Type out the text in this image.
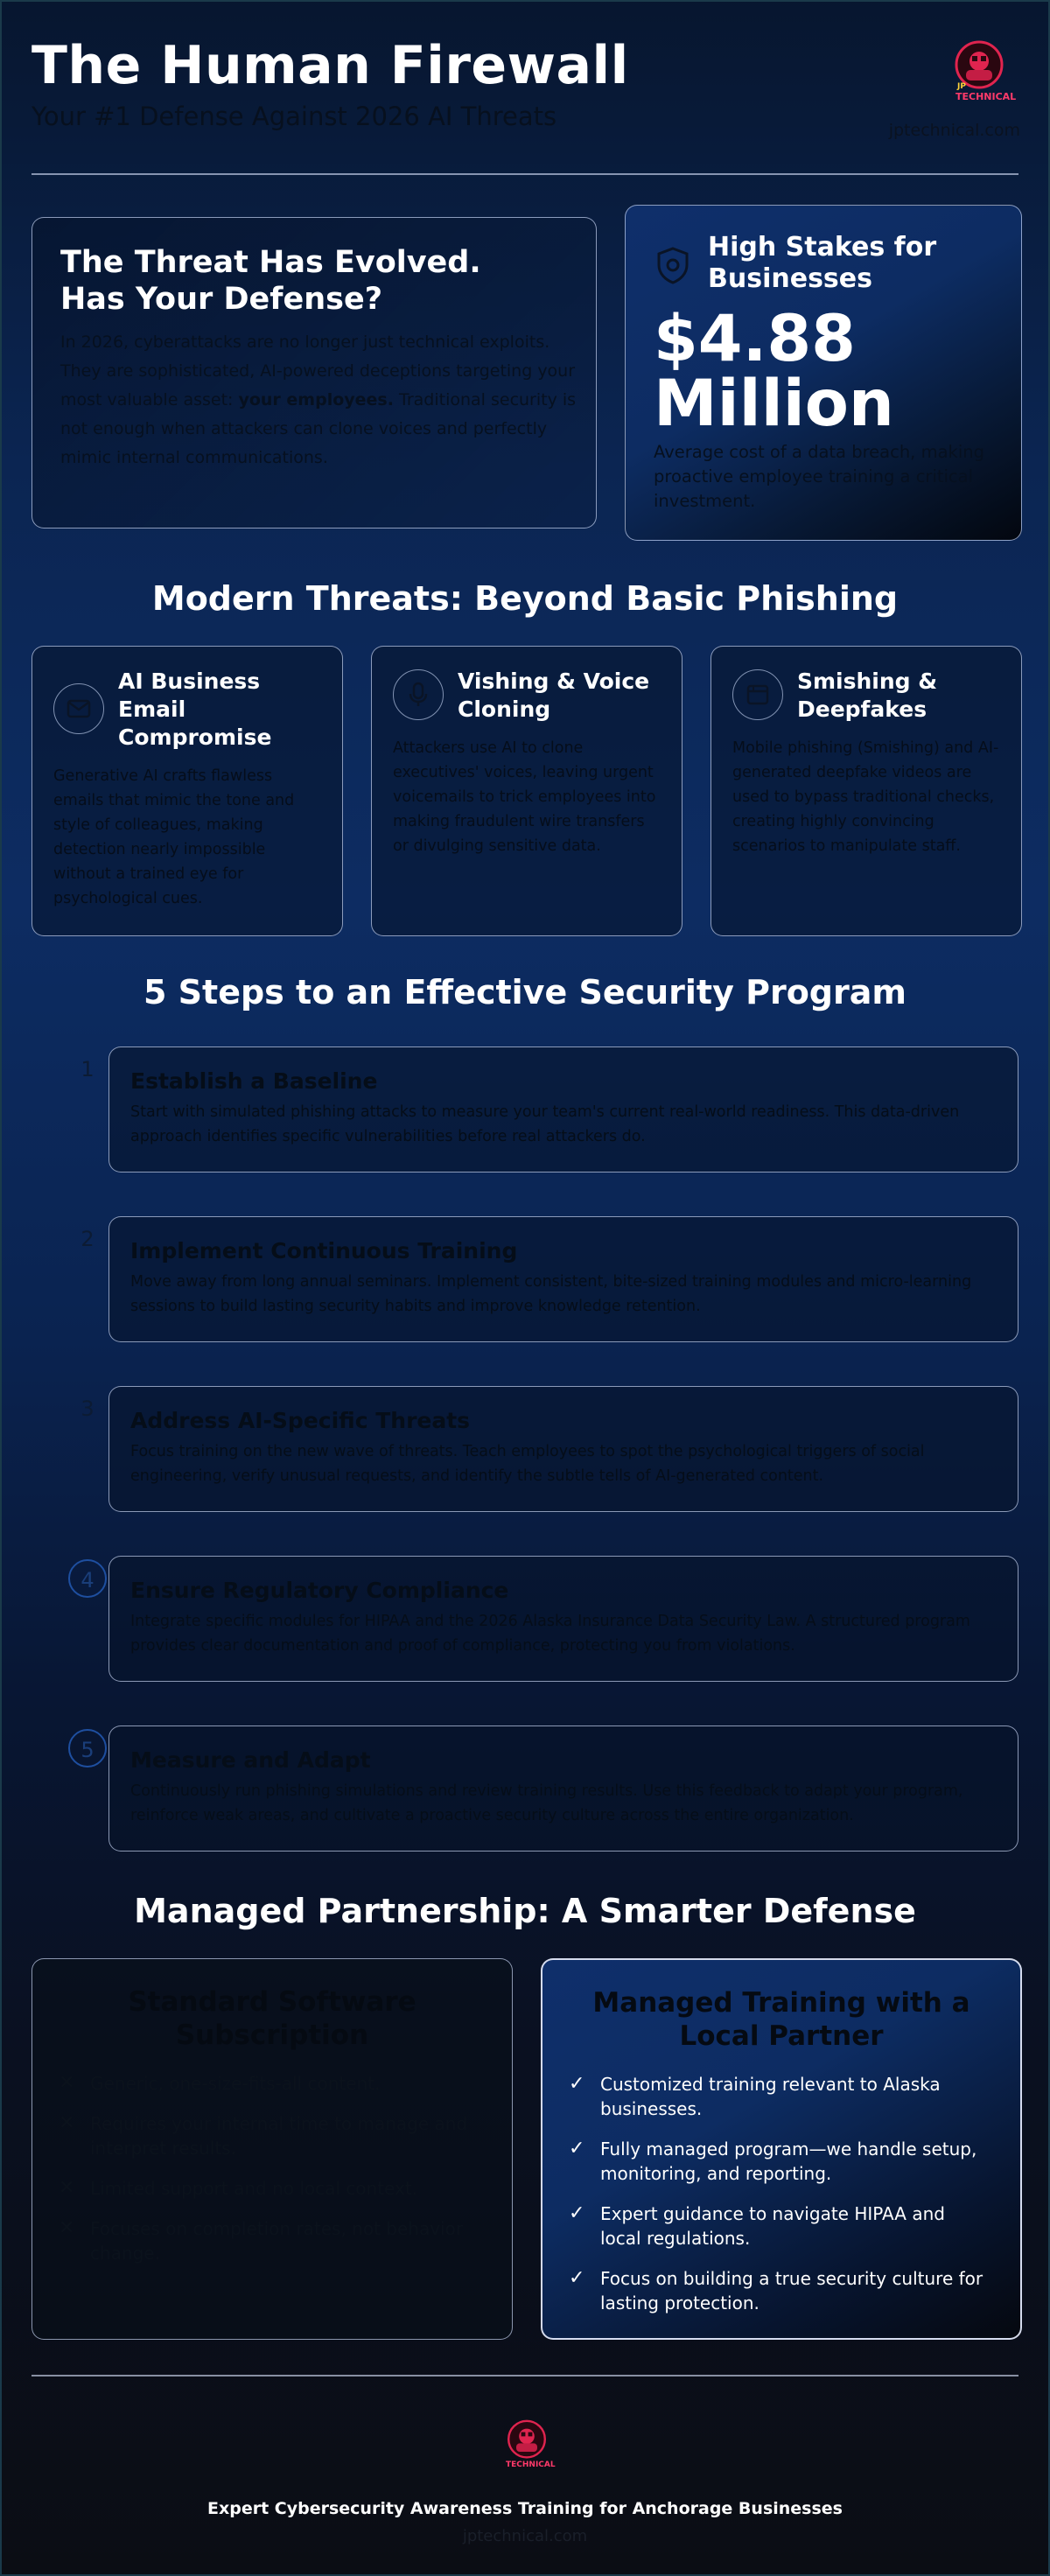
The Human Firewall
Your #1 Defense Against 2026 AI Threats
JP
TECHNICAL
jptechnical.com
The Threat Has Evolved. Has Your Defense?
In 2026, cyberattacks are no longer just technical exploits. They are sophisticated, AI-powered deceptions targeting your most valuable asset: your employees. Traditional security is not enough when attackers can clone voices and perfectly mimic internal communications.
High Stakes for Businesses
$4.88 Million
Average cost of a data breach, making proactive employee training a critical investment.
Modern Threats: Beyond Basic Phishing
AI Business Email Compromise
Generative AI crafts flawless emails that mimic the tone and style of colleagues, making detection nearly impossible without a trained eye for psychological cues.
Vishing & Voice Cloning
Attackers use AI to clone executives' voices, leaving urgent voicemails to trick employees into making fraudulent wire transfers or divulging sensitive data.
Smishing & Deepfakes
Mobile phishing (Smishing) and AI-generated deepfake videos are used to bypass traditional checks, creating highly convincing scenarios to manipulate staff.
5 Steps to an Effective Security Program
1	Establish a Baseline
Start with simulated phishing attacks to measure your team's current real-world readiness. This data-driven approach identifies specific vulnerabilities before real attackers do.
2	Implement Continuous Training
Move away from long annual seminars. Implement consistent, bite-sized training modules and micro-learning sessions to build lasting security habits and improve knowledge retention.
3	Address AI-Specific Threats
Focus training on the new wave of threats. Teach employees to spot the psychological triggers of social engineering, verify unusual requests, and identify the subtle tells of AI-generated content.
4	Ensure Regulatory Compliance
Integrate specific modules for HIPAA and the 2026 Alaska Insurance Data Security Law. A structured program provides clear documentation and proof of compliance, protecting you from violations.
5	Measure and Adapt
Continuously run phishing simulations and review training results. Use this feedback to adapt your program, reinforce weak areas, and cultivate a proactive security culture across the entire organization.
Managed Partnership: A Smarter Defense
Standard Software Subscription
✕ Generic, one-size-fits-all content.
✕ Requires your internal time to manage and interpret results.
✕ Limited support and no local context.
✕ Focuses on completion rates, not behavior change.
Managed Training with a Local Partner
✓ Customized training relevant to Alaska businesses.
✓ Fully managed program—we handle setup, monitoring, and reporting.
✓ Expert guidance to navigate HIPAA and local regulations.
✓ Focus on building a true security culture for lasting protection.
TECHNICAL
Expert Cybersecurity Awareness Training for Anchorage Businesses
jptechnical.com
